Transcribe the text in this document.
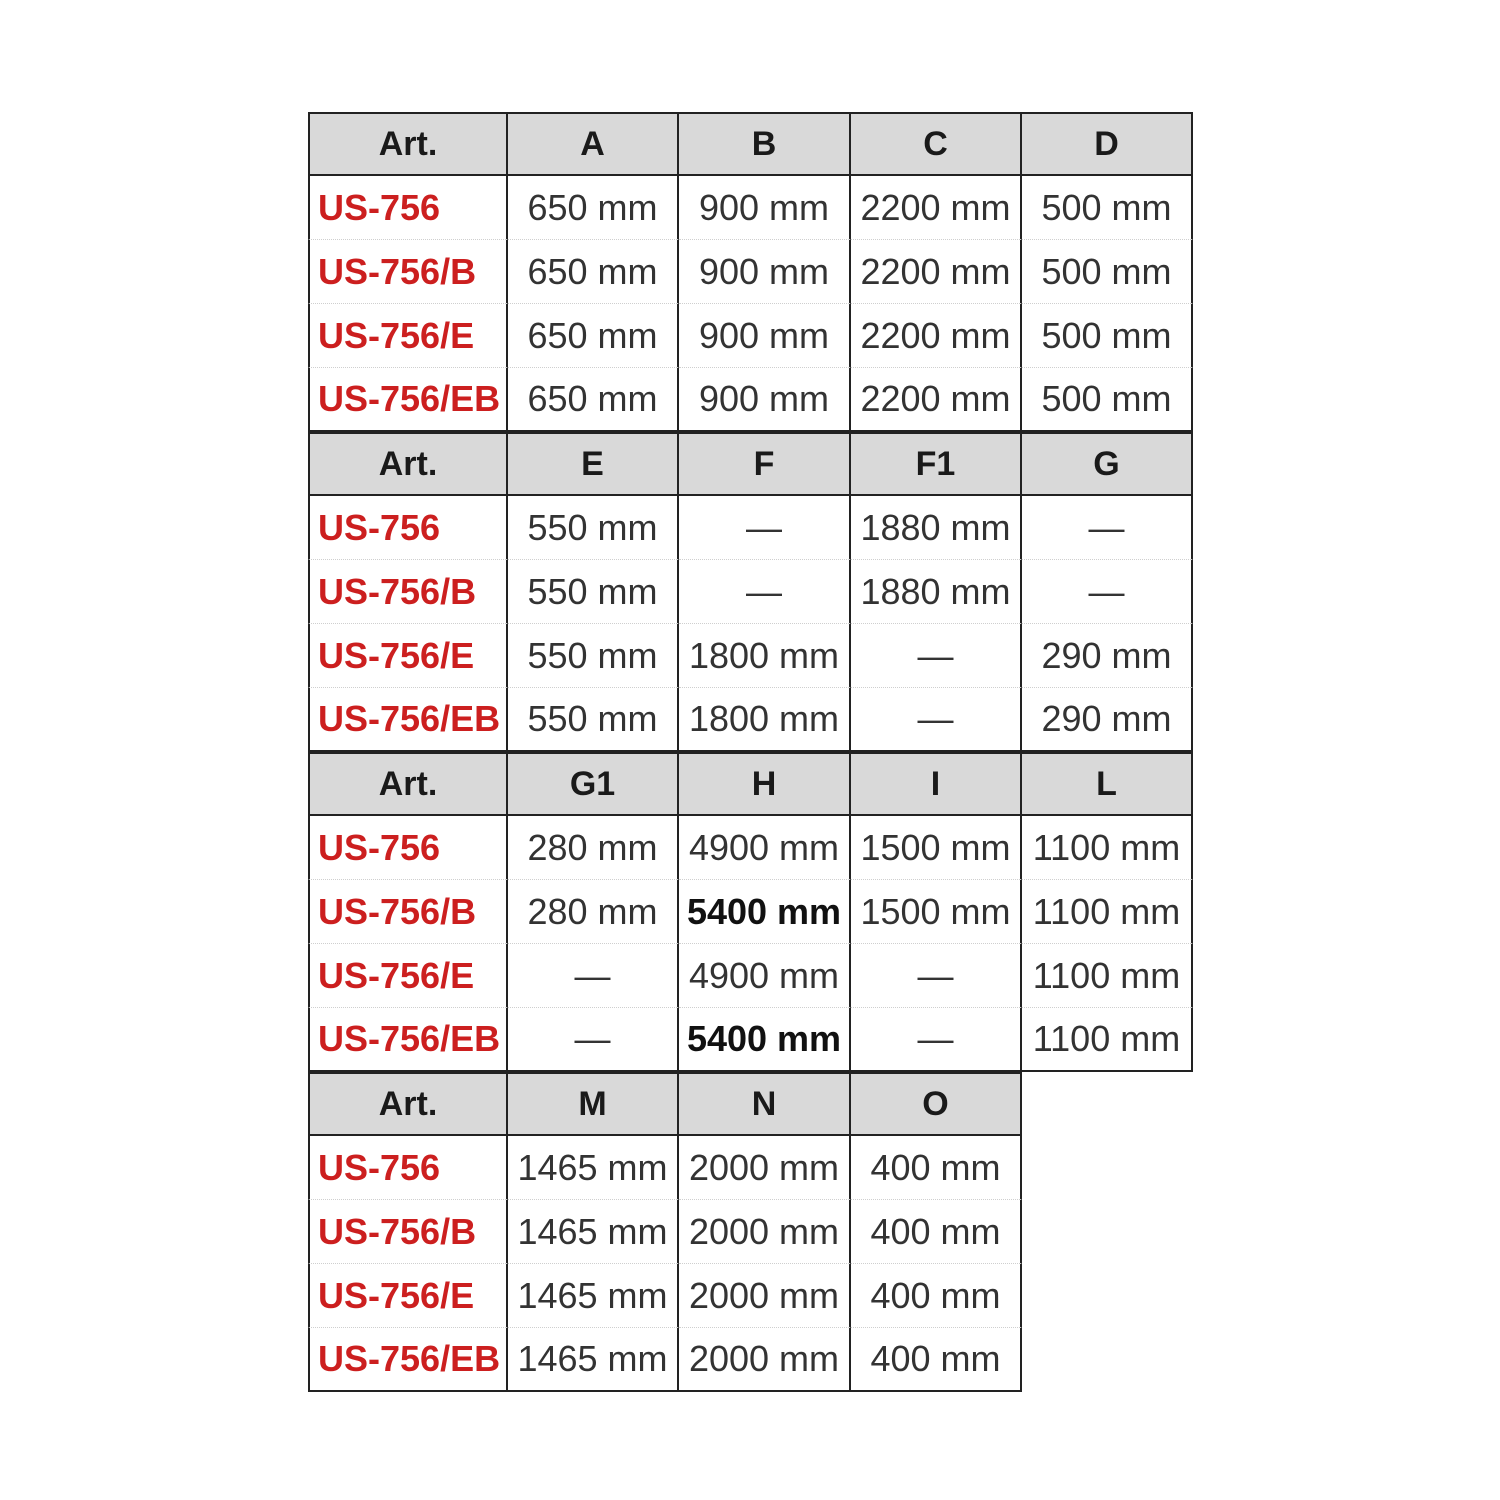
Art.	A	B	C	D
US-756	650 mm	900 mm 2200 mm 500 mm
US-756/B	650 mm	900 mm 2200 mm 500 mm
US-756/E	650 mm	900 mm 2200 mm 500 mm
US-756/EB 650 mm	900 mm 2200 mm 500 mm
Art.	E	F	F1	G
US-756	550 mm	—	1880 mm	—
US-756/B	550 mm	—	1880 mm	—
US-756/E	550 mm 1800 mm	—	290 mm
US-756/EB 550 mm 1800 mm	—	290 mm
Art.	G1	H	I	L
US-756	280 mm 4900 mm 1500 mm 1100 mm
US-756/B	280 mm 5400 mm 1500 mm 1100 mm
US-756/E	—	4900 mm	—	1100 mm
US-756/EB	—	5400 mm	—	1100 mm
Art.	M	N	O
US-756	1465 mm 2000 mm 400 mm
US-756/B	1465 mm 2000 mm 400 mm
US-756/E	1465 mm 2000 mm 400 mm
US-756/EB 1465 mm 2000 mm 400 mm
